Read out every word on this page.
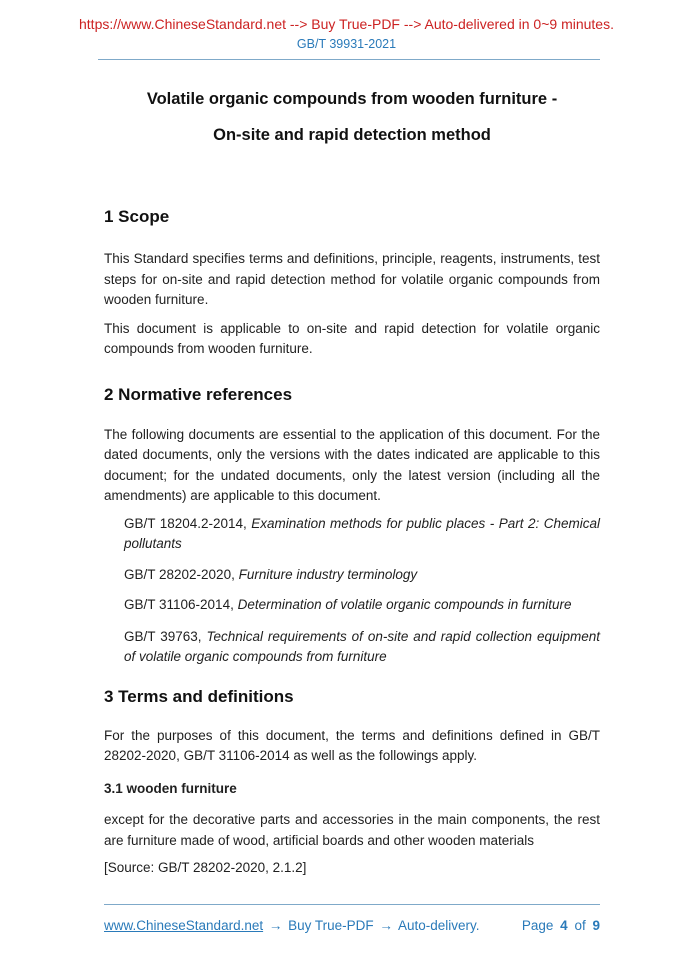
https://www.ChineseStandard.net --> Buy True-PDF --> Auto-delivered in 0~9 minutes.
GB/T 39931-2021
Volatile organic compounds from wooden furniture -
On-site and rapid detection method
1 Scope

This Standard specifies terms and definitions, principle, reagents, instruments, test steps for on-site and rapid detection method for volatile organic compounds from wooden furniture.

This document is applicable to on-site and rapid detection for volatile organic compounds from wooden furniture.

2 Normative references

The following documents are essential to the application of this document. For the dated documents, only the versions with the dates indicated are applicable to this document; for the undated documents, only the latest version (including all the amendments) are applicable to this document.

GB/T 18204.2-2014, Examination methods for public places - Part 2: Chemical pollutants
GB/T 28202-2020, Furniture industry terminology
GB/T 31106-2014, Determination of volatile organic compounds in furniture
GB/T 39763, Technical requirements of on-site and rapid collection equipment of volatile organic compounds from furniture
3 Terms and definitions

For the purposes of this document, the terms and definitions defined in GB/T 28202-2020, GB/T 31106-2014 as well as the followings apply.

3.1 wooden furniture

except for the decorative parts and accessories in the main components, the rest are furniture made of wood, artificial boards and other wooden materials

[Source: GB/T 28202-2020, 2.1.2]

www.ChineseStandard.net → Buy True-PDF → Auto-delivery.	Page 4 of 9
